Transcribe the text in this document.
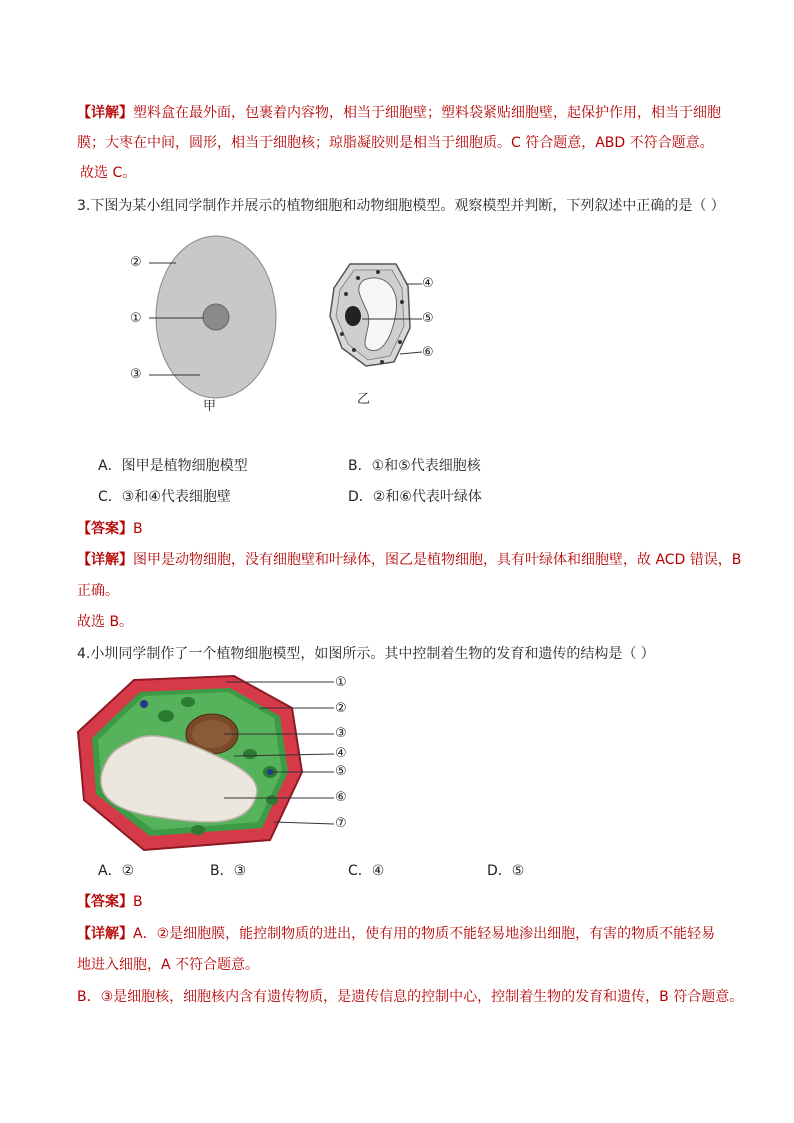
【详解】塑料盒在最外面，包裹着内容物，相当于细胞壁；塑料袋紧贴细胞壁，起保护作用，相当于细胞
膜；大枣在中间，圆形，相当于细胞核；琼脂凝胶则是相当于细胞质。C 符合题意，ABD 不符合题意。
故选 C。
3.下图为某小组同学制作并展示的植物细胞和动物细胞模型。观察模型并判断，下列叙述中正确的是（ ）
②
①
③
甲
④
⑤
⑥
乙
A．图甲是植物细胞模型	B．①和⑤代表细胞核
C．③和④代表细胞壁	D．②和⑥代表叶绿体
【答案】B
【详解】图甲是动物细胞，没有细胞壁和叶绿体，图乙是植物细胞，具有叶绿体和细胞壁，故 ACD 错误，B
正确。
故选 B。
4.小圳同学制作了一个植物细胞模型，如图所示。其中控制着生物的发育和遗传的结构是（ ）
①
②
③
④
⑤
⑥
⑦
A．②	B．③	C．④	D．⑤
【答案】B
【详解】A．②是细胞膜，能控制物质的进出，使有用的物质不能轻易地渗出细胞，有害的物质不能轻易
地进入细胞，A 不符合题意。
B．③是细胞核，细胞核内含有遗传物质，是遗传信息的控制中心，控制着生物的发育和遗传，B 符合题意。
